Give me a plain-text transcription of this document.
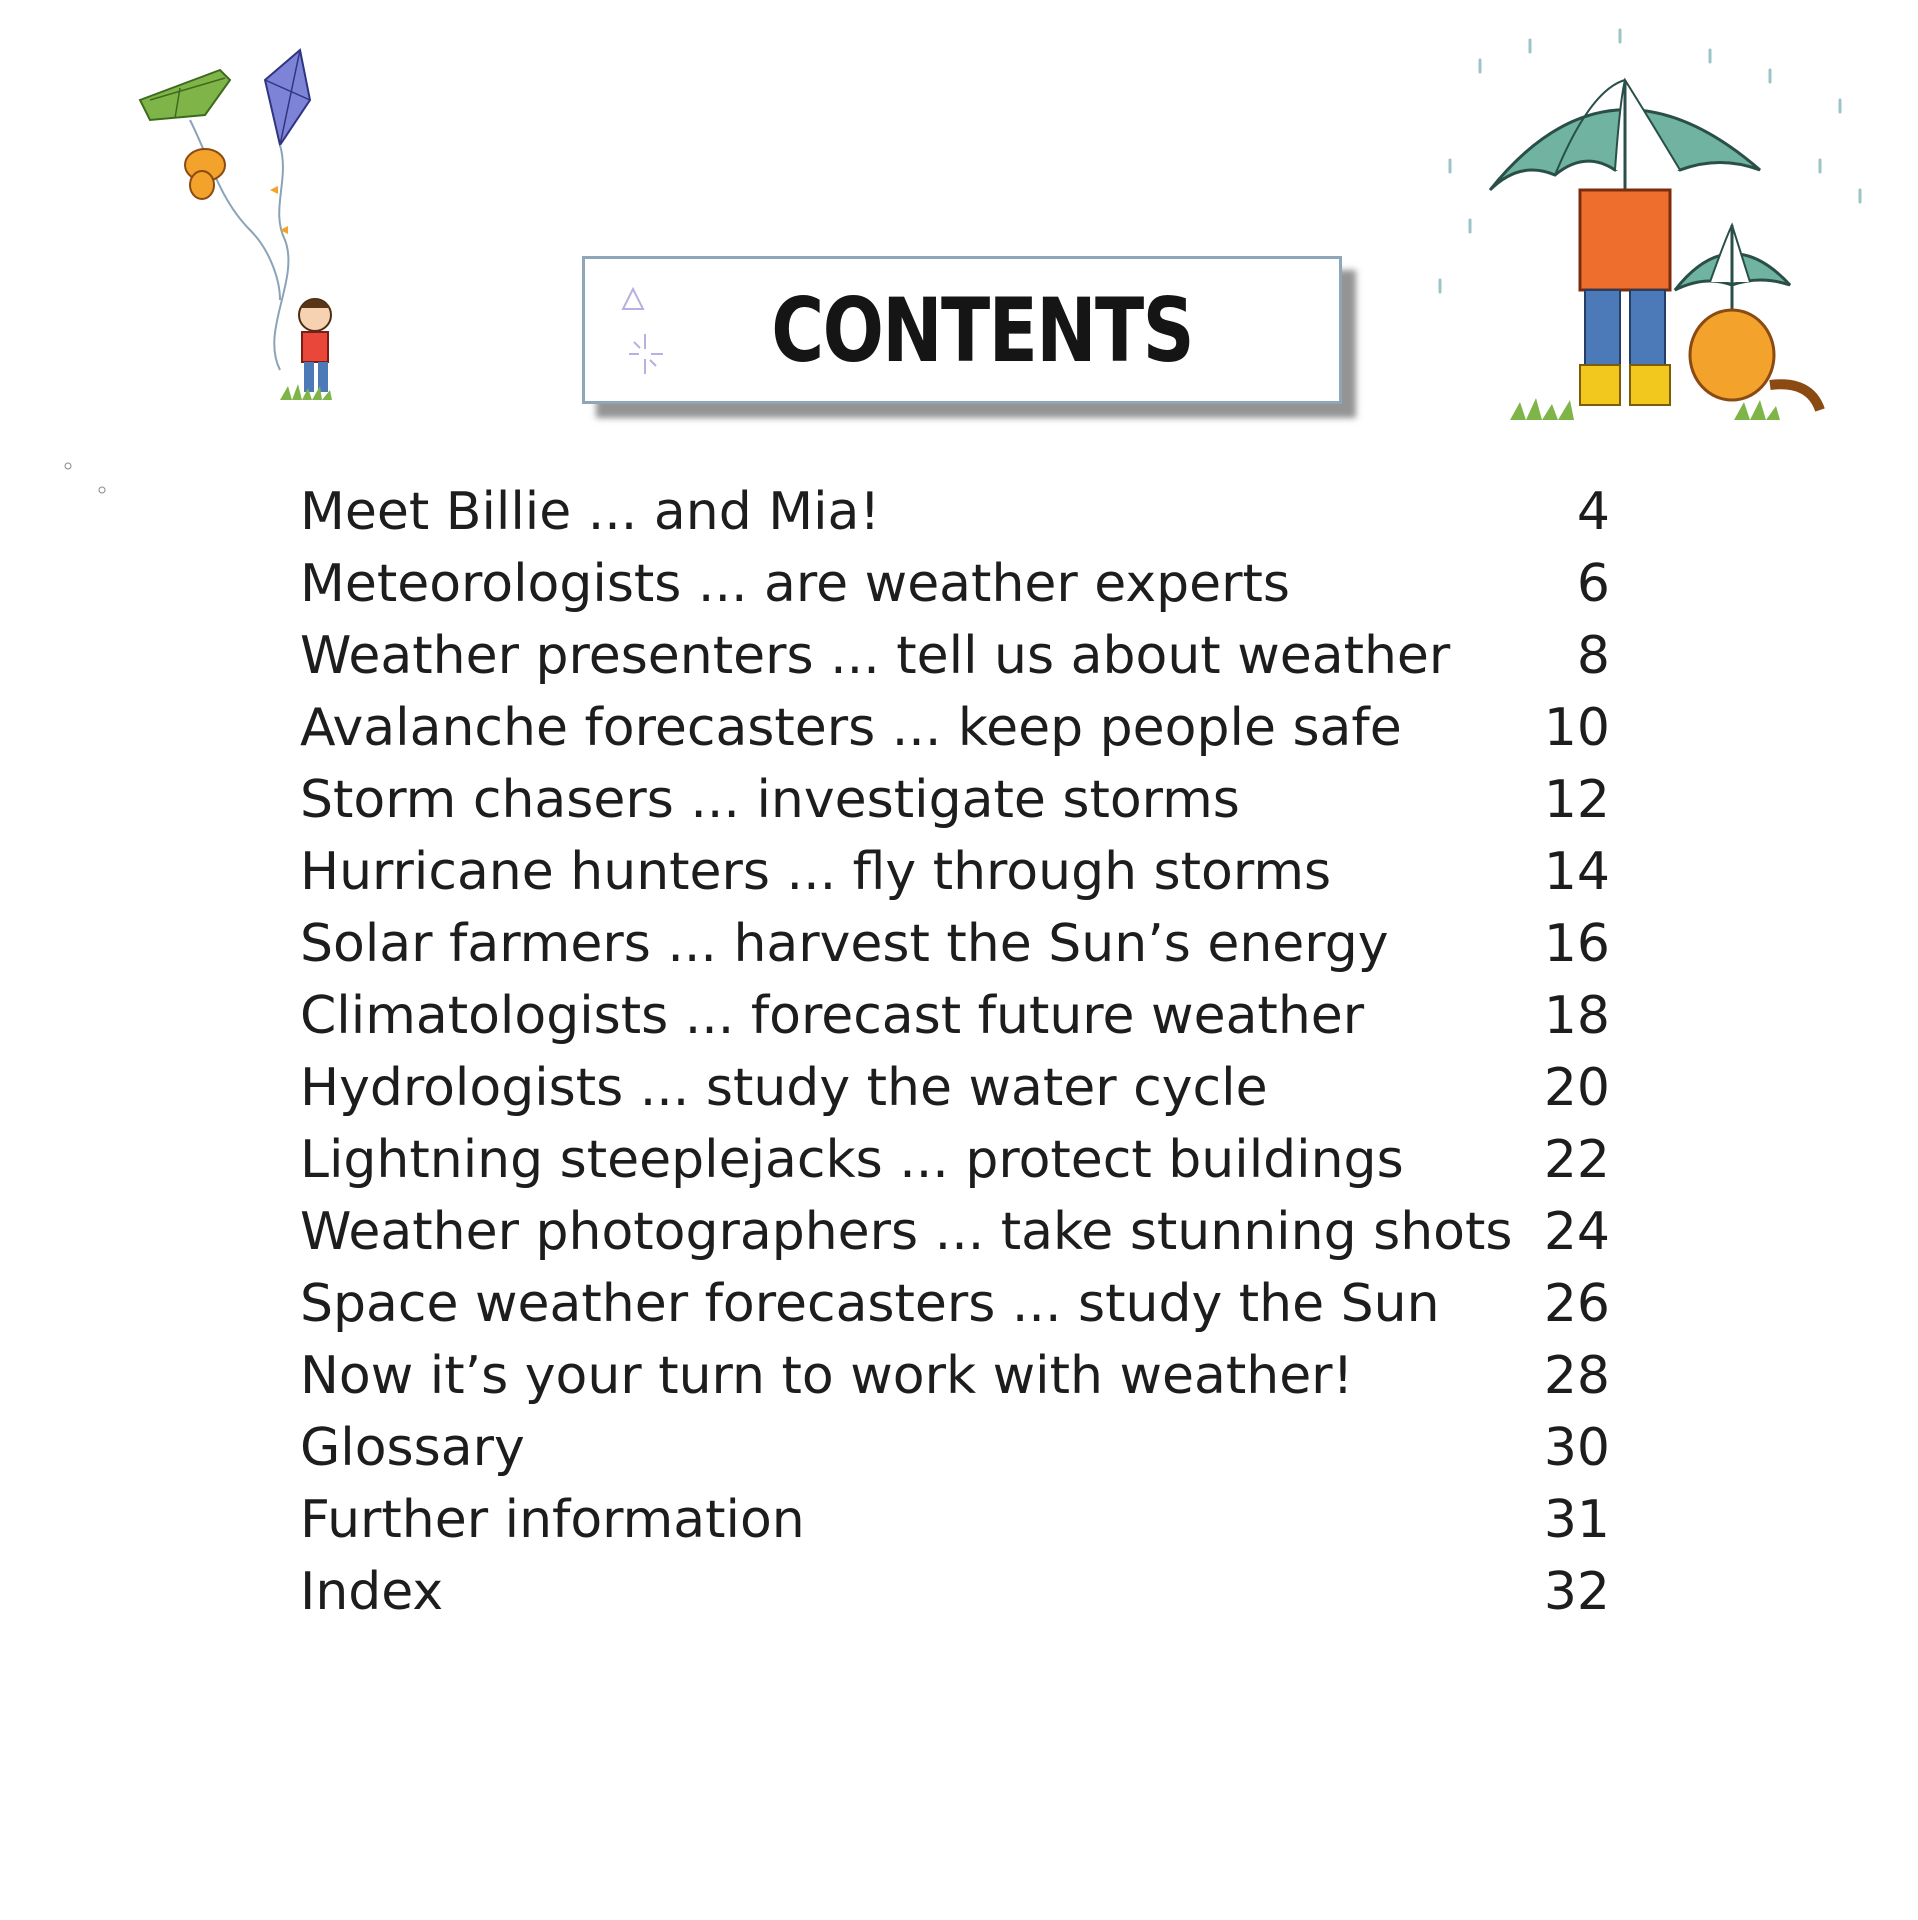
CONTENTS
Meet Billie ... and Mia!	4
Meteorologists ... are weather experts	6
Weather presenters ... tell us about weather	8
Avalanche forecasters ... keep people safe	10
Storm chasers ... investigate storms	12
Hurricane hunters ... fly through storms	14
Solar farmers ... harvest the Sun’s energy	16
Climatologists ... forecast future weather	18
Hydrologists ... study the water cycle	20
Lightning steeplejacks ... protect buildings	22
Weather photographers ... take stunning shots 24
Space weather forecasters ... study the Sun	26
Now it’s your turn to work with weather!	28
Glossary	30
Further information	31
Index	32
